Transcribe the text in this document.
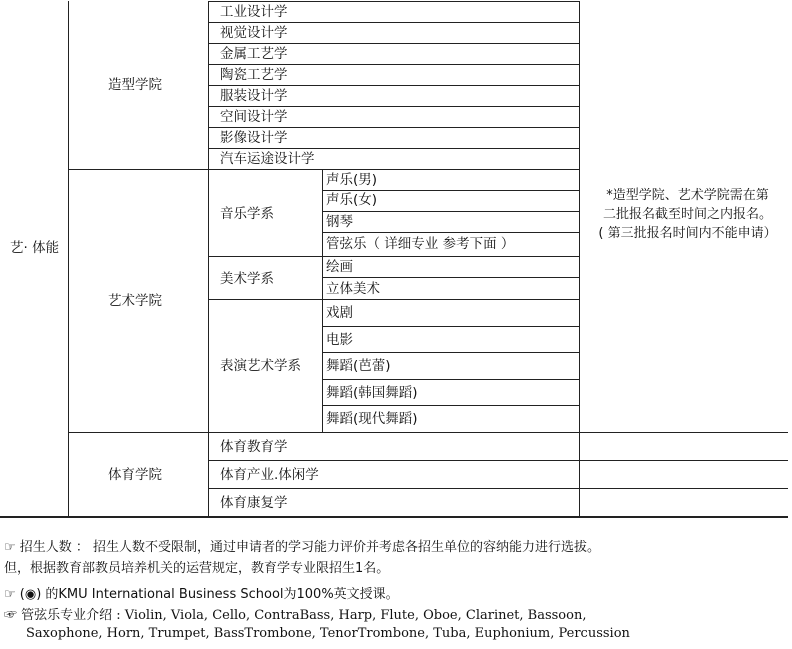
艺· 体能
造型学院
工业设计学
视觉设计学
金属工艺学
陶瓷工艺学
服装设计学
空间设计学
影像设计学
汽车运途设计学
艺术学院
音乐学系
声乐(男)
声乐(女)
钢琴
管弦乐（ 详细专业 参考下面 ）
美术学系
绘画
立体美术
表演艺术学系
戏剧
电影
舞蹈(芭蕾)
舞蹈(韩国舞蹈)
舞蹈(现代舞蹈)
体育学院
体育教育学
体育产业.体闲学
体育康复学
*造型学院、艺术学院需在第
二批报名截至时间之内报名。
( 第三批报名时间内不能申请）
☞ 招生人数 ： 招生人数不受限制，通过申请者的学习能力评价并考虑各招生单位的容纳能力进行选拔。
但，根据教育部教员培养机关的运营规定，教育学专业限招生1名。
☞ (◉) 的KMU International Business School为100%英文授课。
☞ 管弦乐专业介绍 : Violin, Viola, Cello, ContraBass, Harp, Flute, Oboe, Clarinet, Bassoon,
Saxophone, Horn, Trumpet, BassTrombone, TenorTrombone, Tuba, Euphonium, Percussion
